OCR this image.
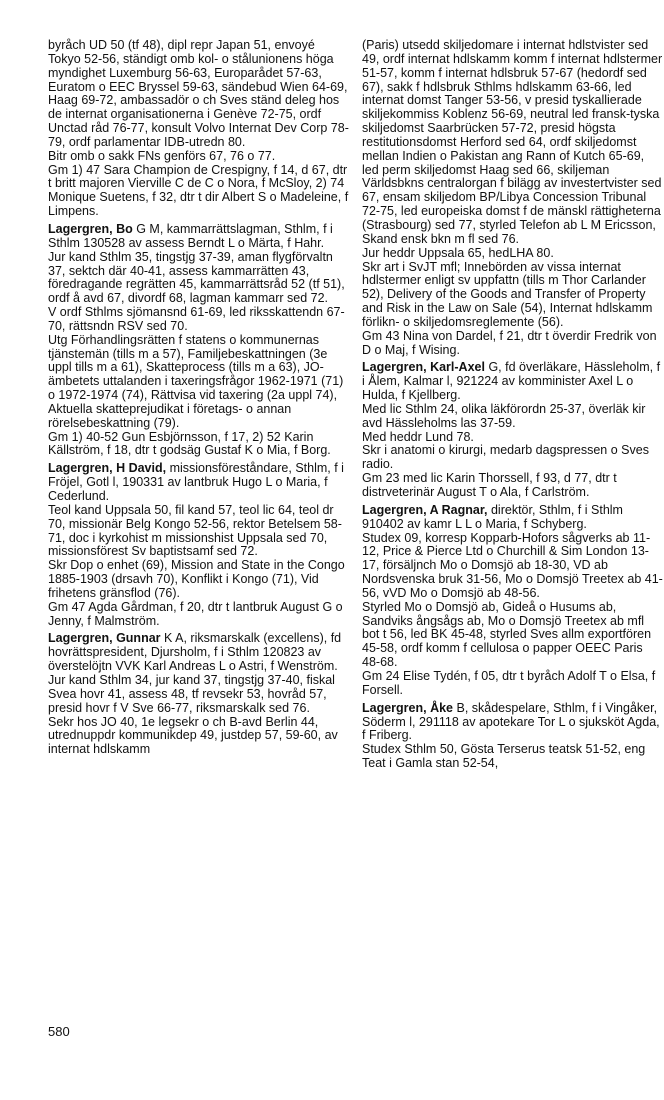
byråch UD 50 (tf 48), dipl repr Japan 51, envoyé Tokyo 52-56, ständigt omb kol- o stålunionens höga myndighet Luxemburg 56-63, Europarådet 57-63, Euratom o EEC Bryssel 59-63, sändebud Wien 64-69, Haag 69-72, ambassadör o ch Sves ständ deleg hos de internat organisationerna i Genève 72-75, ordf Unctad råd 76-77, konsult Volvo Internat Dev Corp 78-79, ordf parlamentar IDB-utredn 80.

Bitr omb o sakk FNs genförs 67, 76 o 77.

Gm 1) 47 Sara Champion de Crespigny, f 14, d 67, dtr t britt majoren Vierville C de C o Nora, f McSloy, 2) 74 Monique Suetens, f 32, dtr t dir Albert S o Madeleine, f Limpens.

Lagergren, Bo G M, kammarrättslagman, Sthlm, f i Sthlm 130528 av assess Berndt L o Märta, f Hahr.

Jur kand Sthlm 35, tingstjg 37-39, aman flygförvaltn 37, sektch där 40-41, assess kammarrätten 43, föredragande regrätten 45, kammarrättsråd 52 (tf 51), ordf å avd 67, divordf 68, lagman kammarr sed 72.

V ordf Sthlms sjömansnd 61-69, led riksskattendn 67-70, rättsndn RSV sed 70.

Utg Förhandlingsrätten f statens o kommunernas tjänstemän (tills m a 57), Familjebeskattningen (3e uppl tills m a 61), Skatteprocess (tills m a 63), JO-ämbetets uttalanden i taxeringsfrågor 1962-1971 (71) o 1972-1974 (74), Rättvisa vid taxering (2a uppl 74), Aktuella skatteprejudikat i företags- o annan rörelsebeskattning (79).

Gm 1) 40-52 Gun Esbjörnsson, f 17, 2) 52 Karin Källström, f 18, dtr t godsäg Gustaf K o Mia, f Borg.

Lagergren, H David, missionsföreståndare, Sthlm, f i Fröjel, Gotl l, 190331 av lantbruk Hugo L o Maria, f Cederlund.

Teol kand Uppsala 50, fil kand 57, teol lic 64, teol dr 70, missionär Belg Kongo 52-56, rektor Betelsem 58-71, doc i kyrkohist m missionshist Uppsala sed 70, missionsförest Sv baptistsamf sed 72.

Skr Dop o enhet (69), Mission and State in the Congo 1885-1903 (drsavh 70), Konflikt i Kongo (71), Vid frihetens gränsflod (76).

Gm 47 Agda Gårdman, f 20, dtr t lantbruk August G o Jenny, f Malmström.

Lagergren, Gunnar K A, riksmarskalk (excellens), fd hovrättspresident, Djursholm, f i Sthlm 120823 av överstelöjtn VVK Karl Andreas L o Astri, f Wenström.

Jur kand Sthlm 34, jur kand 37, tingstjg 37-40, fiskal Svea hovr 41, assess 48, tf revsekr 53, hovråd 57, presid hovr f V Sve 66-77, riksmarskalk sed 76.

Sekr hos JO 40, 1e legsekr o ch B-avd Berlin 44, utrednuppdr kommunikdep 49, justdep 57, 59-60, av internat hdlskamm

(Paris) utsedd skiljedomare i internat hdlstvister sed 49, ordf internat hdlskamm komm f internat hdlstermer 51-57, komm f internat hdlsbruk 57-67 (hedordf sed 67), sakk f hdlsbruk Sthlms hdlskamm 63-66, led internat domst Tanger 53-56, v presid tyskallierade skiljekommiss Koblenz 56-69, neutral led fransk-tyska skiljedomst Saarbrücken 57-72, presid högsta restitutionsdomst Herford sed 64, ordf skiljedomst mellan Indien o Pakistan ang Rann of Kutch 65-69, led perm skiljedomst Haag sed 66, skiljeman Världsbkns centralorgan f bilägg av investertvister sed 67, ensam skiljedom BP/Libya Concession Tribunal 72-75, led europeiska domst f de mänskl rättigheterna (Strasbourg) sed 77, styrled Telefon ab L M Ericsson, Skand ensk bkn m fl sed 76.

Jur heddr Uppsala 65, hedLHA 80.

Skr art i SvJT mfl; Innebörden av vissa internat hdlstermer enligt sv uppfattn (tills m Thor Carlander 52), Delivery of the Goods and Transfer of Property and Risk in the Law on Sale (54), Internat hdlskamm förlikn- o skiljedomsreglemente (56).

Gm 43 Nina von Dardel, f 21, dtr t överdir Fredrik von D o Maj, f Wising.

Lagergren, Karl-Axel G, fd överläkare, Hässleholm, f i Ålem, Kalmar l, 921224 av komminister Axel L o Hulda, f Kjellberg.

Med lic Sthlm 24, olika läkförordn 25-37, överläk kir avd Hässleholms las 37-59.

Med heddr Lund 78.

Skr i anatomi o kirurgi, medarb dagspressen o Sves radio.

Gm 23 med lic Karin Thorssell, f 93, d 77, dtr t distrveterinär August T o Ala, f Carlström.

Lagergren, A Ragnar, direktör, Sthlm, f i Sthlm 910402 av kamr L L o Maria, f Schyberg.

Studex 09, korresp Kopparb-Hofors sågverks ab 11-12, Price & Pierce Ltd o Churchill & Sim London 13-17, försäljnch Mo o Domsjö ab 18-30, VD ab Nordsvenska bruk 31-56, Mo o Domsjö Treetex ab 41-56, vVD Mo o Domsjö ab 48-56.

Styrled Mo o Domsjö ab, Gideå o Husums ab, Sandviks ångsågs ab, Mo o Domsjö Treetex ab mfl bot t 56, led BK 45-48, styrled Sves allm exportfören 45-58, ordf komm f cellulosa o papper OEEC Paris 48-68.

Gm 24 Elise Tydén, f 05, dtr t byråch Adolf T o Elsa, f Forsell.

Lagergren, Åke B, skådespelare, Sthlm, f i Vingåker, Söderm l, 291118 av apotekare Tor L o sjuksköt Agda, f Friberg.

Studex Sthlm 50, Gösta Terserus teatsk 51-52, eng Teat i Gamla stan 52-54,

580
